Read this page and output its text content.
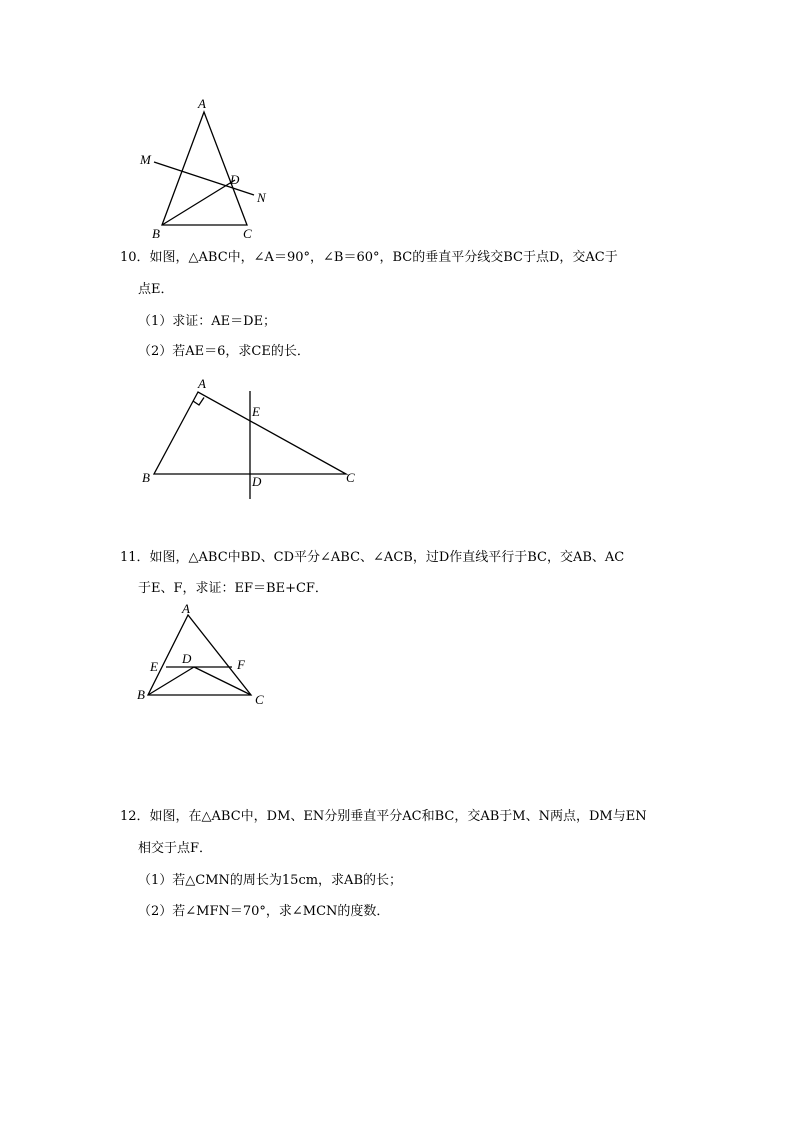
A
M
D
N
B	C
10．如图，△ABC中，∠A＝90°，∠B＝60°，BC的垂直平分线交BC于点D，交AC于
点E．
（1）求证：AE＝DE；
（2）若AE＝6，求CE的长．
A
E
B	D	C
11．如图，△ABC中BD、CD平分∠ABC、∠ACB，过D作直线平行于BC，交AB、AC
于E、F，求证：EF＝BE+CF．
A
E
D	F
B	C
12．如图，在△ABC中，DM、EN分别垂直平分AC和BC，交AB于M、N两点，DM与EN
相交于点F．
（1）若△CMN的周长为15cm，求AB的长；
（2）若∠MFN＝70°，求∠MCN的度数．
